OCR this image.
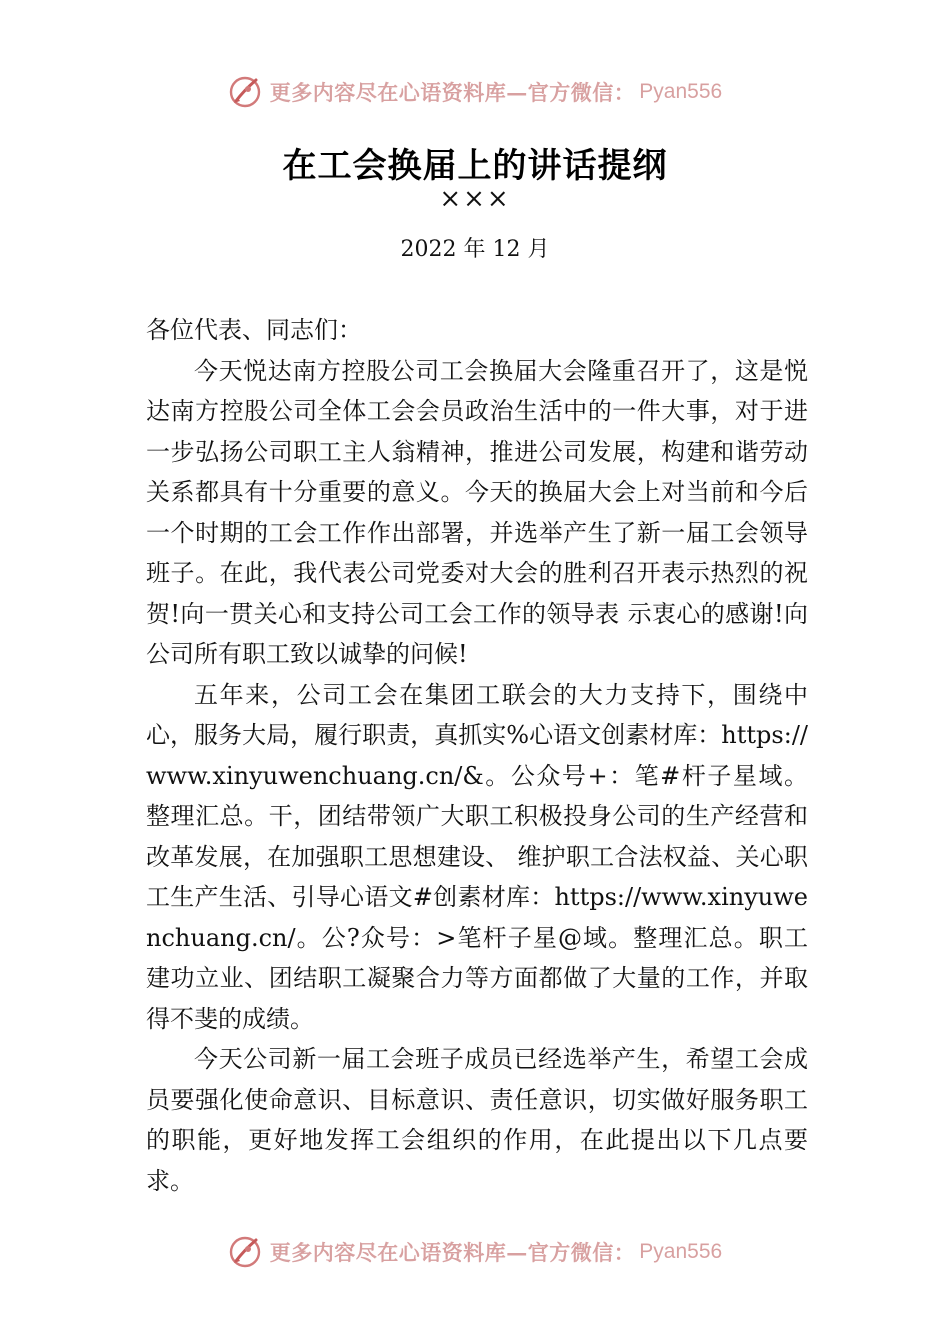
更多内容尽在心语资料库—官方微信： Pyan556
在工会换届上的讲话提纲
×××
2022 年 12 月

各位代表、同志们：

今天悦达南方控股公司工会换届大会隆重召开了，这是悦达南方控股公司全体工会会员政治生活中的一件大事，对于进一步弘扬公司职工主人翁精神，推进公司发展，构建和谐劳动关系都具有十分重要的意义。今天的换届大会上对当前和今后一个时期的工会工作作出部署，并选举产生了新一届工会领导班子。在此，我代表公司党委对大会的胜利召开表示热烈的祝贺!向一贯关心和支持公司工会工作的领导表 示衷心的感谢!向公司所有职工致以诚挚的问候!

五年来，公司工会在集团工联会的大力支持下，围绕中心，服务大局，履行职责，真抓实%心语文创素材库：https://www.xinyuwenchuang.cn/&。公众号+：笔#杆子星域。整理汇总。干，团结带领广大职工积极投身公司的生产经营和改革发展，在加强职工思想建设、 维护职工合法权益、关心职工生产生活、引导心语文#创素材库：https://www.xinyuwenchuang.cn/。公?众号：>笔杆子星@域。整理汇总。职工建功立业、团结职工凝聚合力等方面都做了大量的工作，并取得不斐的成绩。

今天公司新一届工会班子成员已经选举产生，希望工会成员要强化使命意识、目标意识、责任意识，切实做好服务职工的职能，更好地发挥工会组织的作用，在此提出以下几点要求。

更多内容尽在心语资料库—官方微信： Pyan556
